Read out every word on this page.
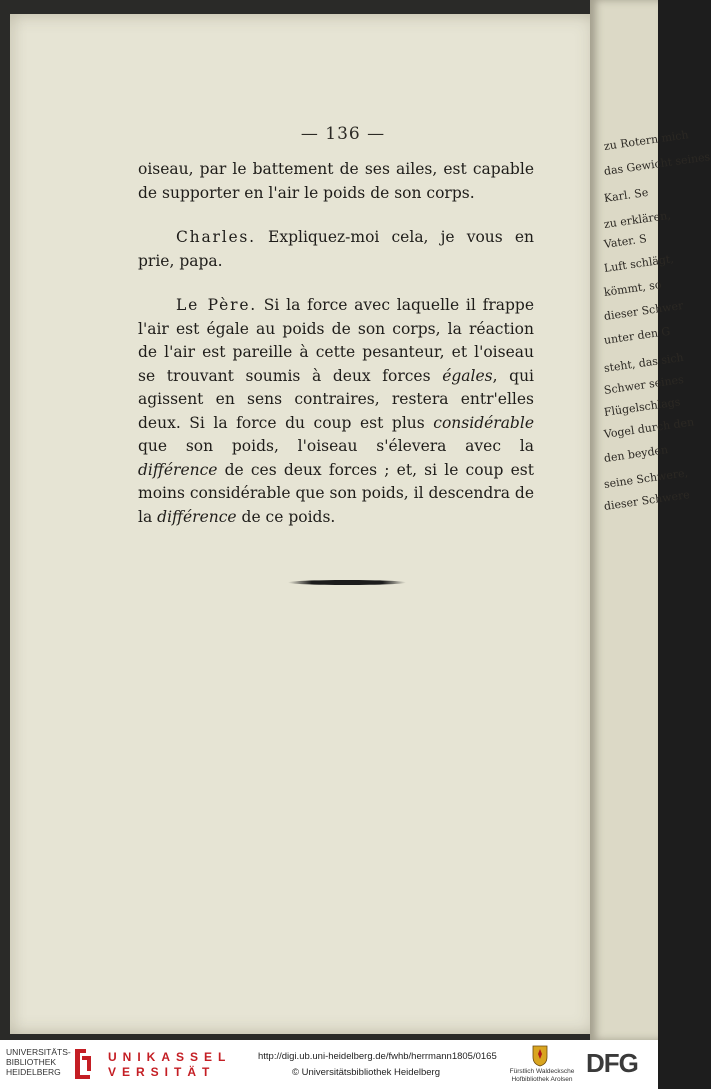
— 136 —

oiseau, par le battement de ses ailes, est capable de supporter en l'air le poids de son corps.

Charles. Expliquez-moi cela, je vous en prie, papa.

Le Père. Si la force avec laquelle il frappe l'air est égale au poids de son corps, la réaction de l'air est pareille à cette pesanteur, et l'oiseau se trouvant soumis à deux forces égales, qui agissent en sens contraires, restera entr'elles deux. Si la force du coup est plus considérable que son poids, l'oiseau s'élevera avec la différence de ces deux forces ; et, si le coup est moins considérable que son poids, il descendra de la différence de ce poids.

zu Rotern mich
das Gewicht seines
Karl. Se
zu erklären,
Vater. S
Luft schlägt,
kömmt, so
dieser Schwer
unter den G
steht, das sich
Schwer seines
Flügelschlags
Vogel durch den
den beyden
seine Schwere,
dieser Schwere
UNIVERSITÄTS-
BIBLIOTHEK
HEIDELBERG
UNIKASSEL
VERSITÄT
http://digi.ub.uni-heidelberg.de/fwhb/herrmann1805/0165
© Universitätsbibliothek Heidelberg	Fürstlich Waldecksche
Hofbibliothek Arolsen
DFG
